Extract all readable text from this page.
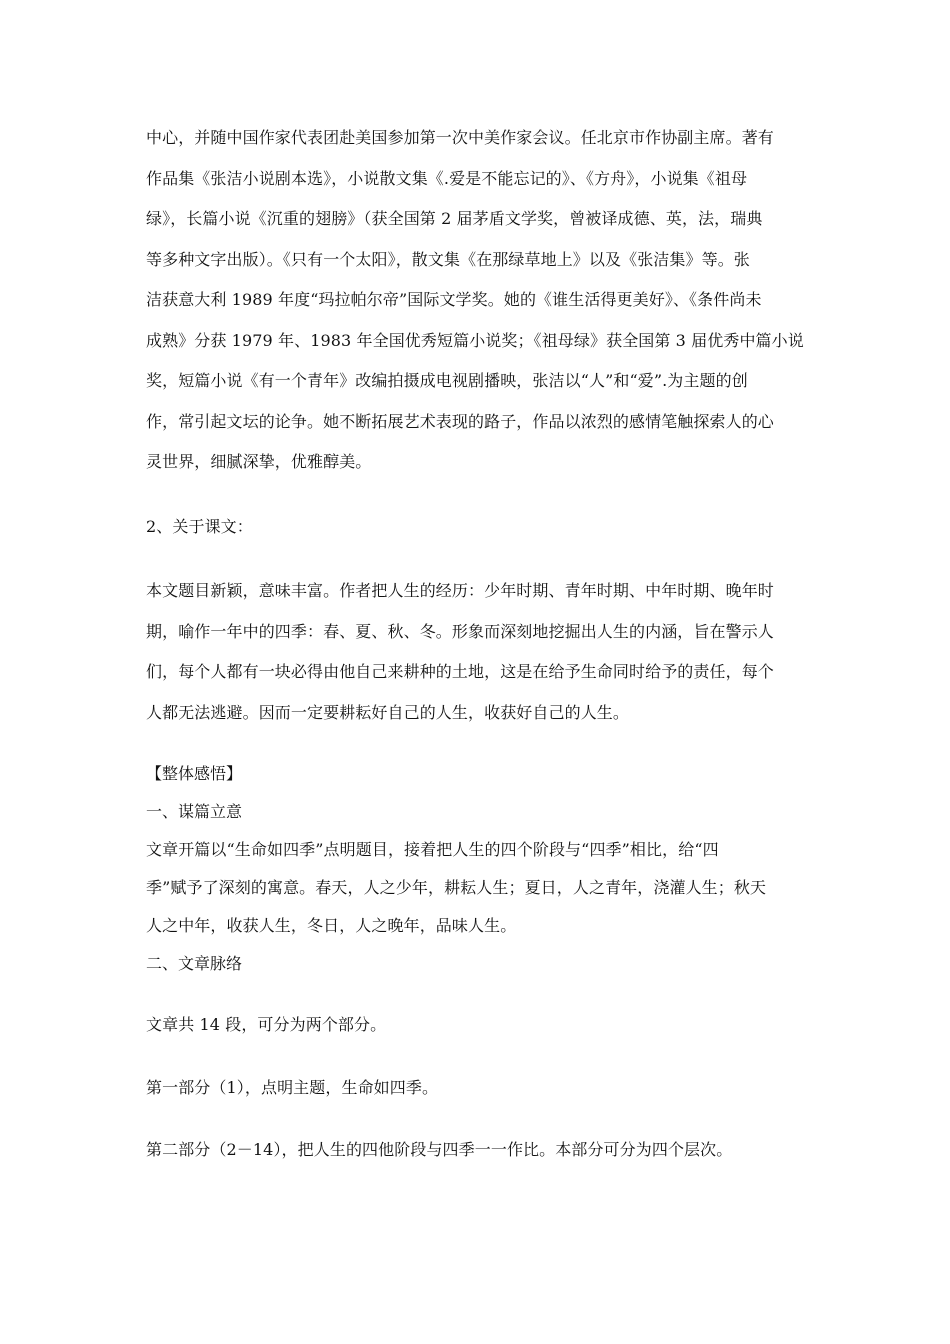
中心，并随中国作家代表团赴美国参加第一次中美作家会议。任北京市作协副主席。著有
作品集《张洁小说剧本选》，小说散文集《.爱是不能忘记的》、《方舟》，小说集《祖母
绿》，长篇小说《沉重的翅膀》（获全国第 2 届茅盾文学奖，曾被译成德、英，法，瑞典
等多种文字出版）。《只有一个太阳》，散文集《在那绿草地上》以及《张洁集》等。张
洁获意大利 1989 年度“玛拉帕尔帝”国际文学奖。她的《谁生活得更美好》、《条件尚未
成熟》分获 1979 年、1983 年全国优秀短篇小说奖；《祖母绿》获全国第 3 届优秀中篇小说
奖，短篇小说《有一个青年》改编拍摄成电视剧播映，张洁以“人”和“爱”.为主题的创
作，常引起文坛的论争。她不断拓展艺术表现的路子，作品以浓烈的感情笔触探索人的心
灵世界，细腻深挚，优雅醇美。

2、关于课文：

本文题目新颖，意味丰富。作者把人生的经历：少年时期、青年时期、中年时期、晚年时
期，喻作一年中的四季：春、夏、秋、冬。形象而深刻地挖掘出人生的内涵，旨在警示人
们，每个人都有一块必得由他自己来耕种的土地，这是在给予生命同时给予的责任，每个
人都无法逃避。因而一定要耕耘好自己的人生，收获好自己的人生。

【整体感悟】

一、谋篇立意

文章开篇以“生命如四季”点明题目，接着把人生的四个阶段与“四季”相比，给“四
季”赋予了深刻的寓意。春天，人之少年，耕耘人生；夏日，人之青年，浇灌人生；秋天
人之中年，收获人生，冬日，人之晚年，品味人生。

二、文章脉络

文章共 14 段，可分为两个部分。

第一部分（1），点明主题，生命如四季。

第二部分（2－14），把人生的四他阶段与四季一一作比。本部分可分为四个层次。
